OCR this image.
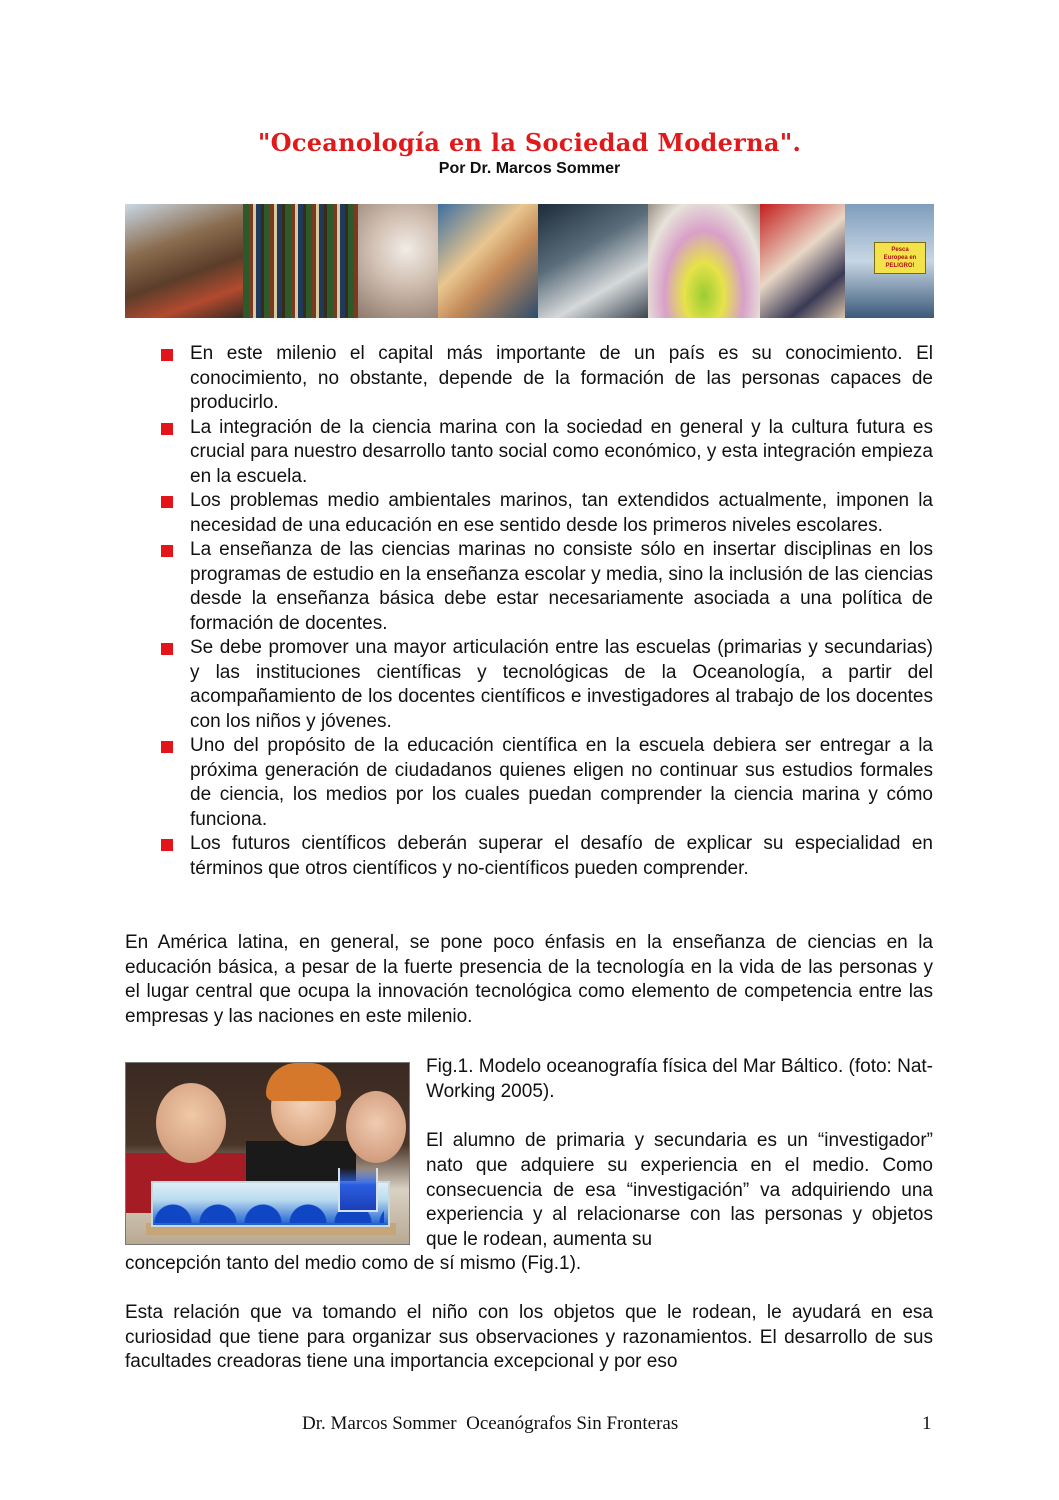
"Oceanología en la Sociedad Moderna".
Por Dr. Marcos Sommer
Pesca
Europea en
PELIGRO!
En este milenio el capital más importante de un país es su conocimiento. El conocimiento, no obstante, depende de la formación de las personas capaces de producirlo.
La integración de la ciencia marina con la sociedad en general y la cultura futura es crucial para nuestro desarrollo tanto social como económico, y esta integración empieza en la escuela.
Los problemas medio ambientales marinos, tan extendidos actualmente, imponen la necesidad de una educación en ese sentido desde los primeros niveles escolares.
La enseñanza de las ciencias marinas no consiste sólo en insertar disciplinas en los programas de estudio en la enseñanza escolar y media, sino la inclusión de las ciencias desde la enseñanza básica debe estar necesariamente asociada a una política de formación de docentes.
Se debe promover una mayor articulación entre las escuelas (primarias y secundarias) y las instituciones científicas y tecnológicas de la Oceanología, a partir del acompañamiento de los docentes científicos e investigadores al trabajo de los docentes con los niños y jóvenes.
Uno del propósito de la educación científica en la escuela debiera ser entregar a la próxima generación de ciudadanos quienes eligen no continuar sus estudios formales de ciencia, los medios por los cuales puedan comprender la ciencia marina y cómo funciona.
Los futuros científicos deberán superar el desafío de explicar su especialidad en términos que otros científicos y no-científicos pueden comprender.

En América latina, en general, se pone poco énfasis en la enseñanza de ciencias en la educación básica, a pesar de la fuerte presencia de la tecnología en la vida de las personas y el lugar central que ocupa la innovación tecnológica como elemento de competencia entre las empresas y las naciones en este milenio.

Fig.1. Modelo oceanografía física del Mar Báltico. (foto: Nat-Working 2005).

El alumno de primaria y secundaria es un “investigador” nato que adquiere su experiencia en el medio. Como consecuencia de esa “investigación” va adquiriendo una experiencia y al relacionarse con las personas y objetos que le rodean, aumenta su

concepción tanto del medio como de sí mismo (Fig.1).

Esta relación que va tomando el niño con los objetos que le rodean, le ayudará en esa curiosidad que tiene para organizar sus observaciones y razonamientos. El desarrollo de sus facultades creadoras tiene una importancia excepcional y por eso

Dr. Marcos Sommer  Oceanógrafos Sin Fronteras	1
